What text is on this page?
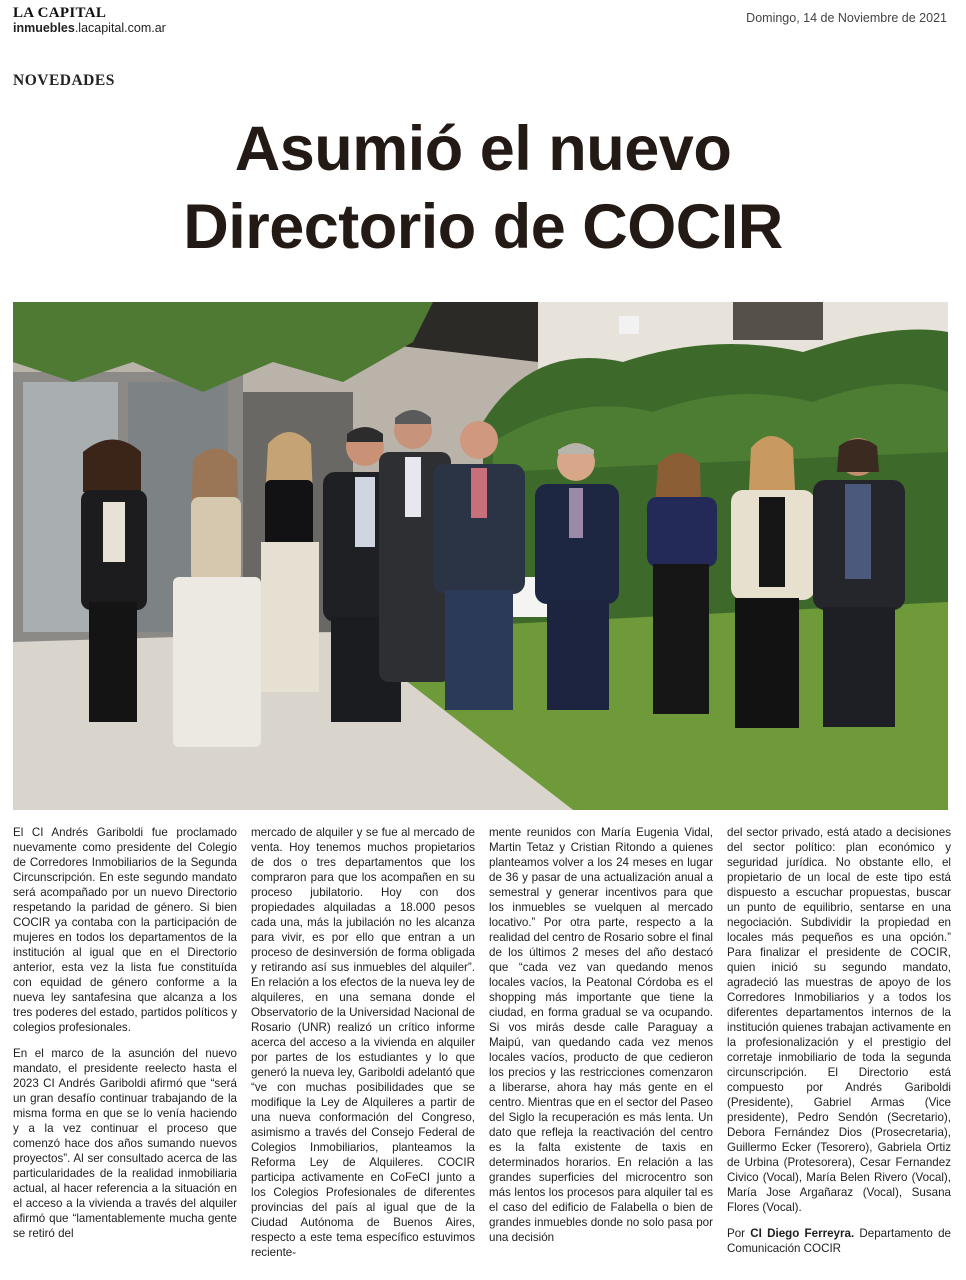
LA CAPITAL
inmuebles.lacapital.com.ar
Domingo, 14 de Noviembre de 2021
NOVEDADES
Asumió el nuevo
Directorio de COCIR

El CI Andrés Gariboldi fue proclamado nuevamente como presidente del Colegio de Corredores Inmobiliarios de la Segunda Circunscripción. En este segundo mandato será acompañado por un nuevo Directorio respetando la paridad de género. Si bien COCIR ya contaba con la participación de mujeres en todos los departamentos de la institución al igual que en el Directorio anterior, esta vez la lista fue constituída con equidad de género conforme a la nueva ley santafesina que alcanza a los tres poderes del estado, partidos políticos y colegios profesionales.

En el marco de la asunción del nuevo mandato, el presidente reelecto hasta el 2023 CI Andrés Gariboldi afirmó que “será un gran desafío continuar trabajando de la misma forma en que se lo venía haciendo y a la vez continuar el proceso que comenzó hace dos años sumando nuevos proyectos”. Al ser consultado acerca de las particularidades de la realidad inmobiliaria actual, al hacer referencia a la situación en el acceso a la vivienda a través del alquiler afirmó que “lamentablemente mucha gente se retiró del

mercado de alquiler y se fue al mercado de venta. Hoy tenemos muchos propietarios de dos o tres departamentos que los compraron para que los acompañen en su proceso jubilatorio. Hoy con dos propiedades alquiladas a 18.000 pesos cada una, más la jubilación no les alcanza para vivir, es por ello que entran a un proceso de desinversión de forma obligada y retirando así sus inmuebles del alquiler”. En relación a los efectos de la nueva ley de alquileres, en una semana donde el Observatorio de la Universidad Nacional de Rosario (UNR) realizó un crítico informe acerca del acceso a la vivienda en alquiler por partes de los estudiantes y lo que generó la nueva ley, Gariboldi adelantó que “ve con muchas posibilidades que se modifique la Ley de Alquileres a partir de una nueva conformación del Congreso, asimismo a través del Consejo Federal de Colegios Inmobiliarios, planteamos la Reforma Ley de Alquileres. COCIR participa activamente en CoFeCI junto a los Colegios Profesionales de diferentes provincias del país al igual que de la Ciudad Autónoma de Buenos Aires, respecto a este tema específico estuvimos reciente-

mente reunidos con María Eugenia Vidal, Martin Tetaz y Cristian Ritondo a quienes planteamos volver a los 24 meses en lugar de 36 y pasar de una actualización anual a semestral y generar incentivos para que los inmuebles se vuelquen al mercado locativo.” Por otra parte, respecto a la realidad del centro de Rosario sobre el final de los últimos 2 meses del año destacó que “cada vez van quedando menos locales vacíos, la Peatonal Córdoba es el shopping más importante que tiene la ciudad, en forma gradual se va ocupando. Si vos mirás desde calle Paraguay a Maipú, van quedando cada vez menos locales vacíos, producto de que cedieron los precios y las restricciones comenzaron a liberarse, ahora hay más gente en el centro. Mientras que en el sector del Paseo del Siglo la recuperación es más lenta. Un dato que refleja la reactivación del centro es la falta existente de taxis en determinados horarios. En relación a las grandes superficies del microcentro son más lentos los procesos para alquiler tal es el caso del edificio de Falabella o bien de grandes inmuebles donde no solo pasa por una decisión

del sector privado, está atado a decisiones del sector político: plan económico y seguridad jurídica. No obstante ello, el propietario de un local de este tipo está dispuesto a escuchar propuestas, buscar un punto de equilibrio, sentarse en una negociación. Subdividir la propiedad en locales más pequeños es una opción.” Para finalizar el presidente de COCIR, quien inició su segundo mandato, agradeció las muestras de apoyo de los Corredores Inmobiliarios y a todos los diferentes departamentos internos de la institución quienes trabajan activamente en la profesionalización y el prestigio del corretaje inmobiliario de toda la segunda circunscripción. El Directorio está compuesto por Andrés Gariboldi (Presidente), Gabriel Armas (Vice presidente), Pedro Sendón (Secretario), Debora Fernández Dios (Prosecretaria), Guillermo Ecker (Tesorero), Gabriela Ortiz de Urbina (Protesorera), Cesar Fernandez Civico (Vocal), María Belen Rivero (Vocal), María Jose Argañaraz (Vocal), Susana Flores (Vocal).

Por CI Diego Ferreyra. Departamento de Comunicación COCIR
